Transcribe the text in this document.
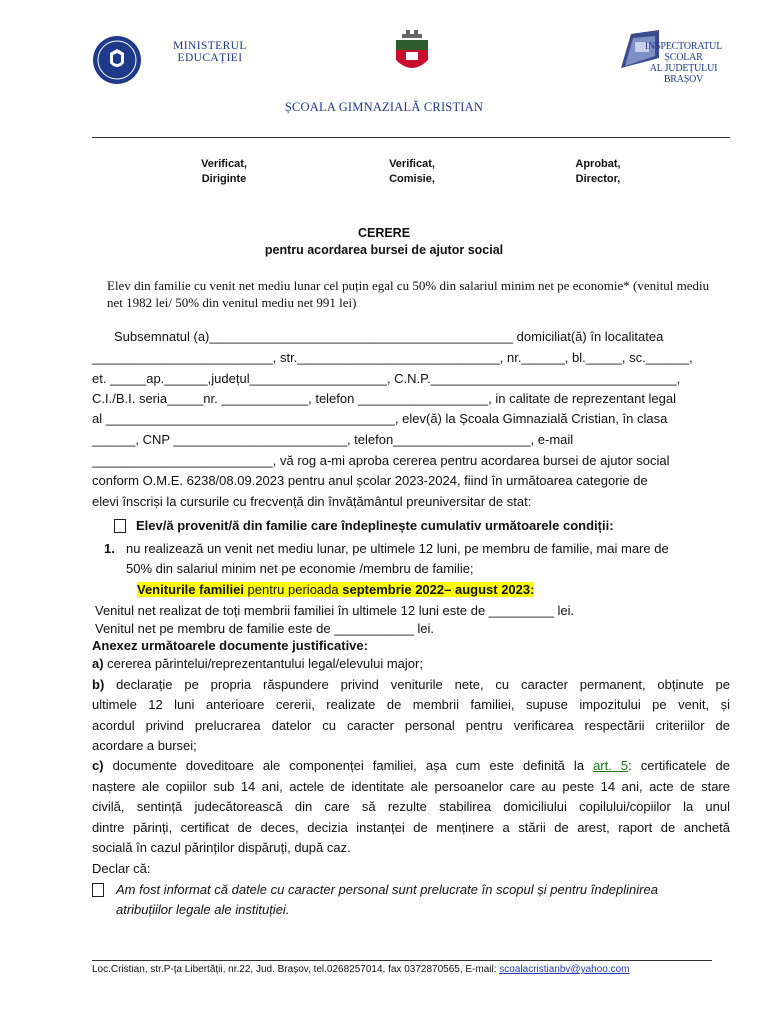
MINISTERUL
EDUCAȚIEI
INSPECTORATUL ȘCOLAR
AL JUDEȚULUI BRAȘOV
ȘCOALA GIMNAZIALĂ CRISTIAN
Verificat,
Diriginte
Verificat,
Comisie,
Aprobat,
Director,
CERERE
pentru acordarea bursei de ajutor social
Elev din familie cu venit net mediu lunar cel puțin egal cu 50% din salariul minim net pe economie* (venitul mediu net 1982 lei/ 50% din venitul mediu net 991 lei)
Subsemnatul (a)__________________________________________ domiciliat(ă) în localitatea
_________________________, str.____________________________, nr.______, bl._____, sc.______,
et. _____ap.______,județul___________________, C.N.P.__________________________________,
C.I./B.I. seria_____nr. ____________, telefon __________________, in calitate de reprezentant legal
al ________________________________________, elev(ă) la Școala Gimnazială Cristian, în clasa
______, CNP ________________________, telefon___________________, e-mail
_________________________, vă rog a-mi aproba cererea pentru acordarea bursei de ajutor social
conform O.M.E. 6238/08.09.2023 pentru anul școlar 2023-2024, fiind în următoarea categorie de
elevi înscriși la cursurile cu frecvență din învățământul preuniversitar de stat:
Elev/ă provenit/ă din familie care îndeplinește cumulativ următoarele condiții:
1. nu realizează un venit net mediu lunar, pe ultimele 12 luni, pe membru de familie, mai mare de
50% din salariul minim net pe economie /membru de familie;
Veniturile familiei pentru perioada septembrie 2022– august 2023:
Venitul net realizat de toți membrii familiei în ultimele 12 luni este de _________ lei.
Venitul net pe membru de familie este de ___________ lei.
Anexez următoarele documente justificative:
a) cererea părintelui/reprezentantului legal/elevului major;
b) declarație pe propria răspundere privind veniturile nete, cu caracter permanent, obținute pe
ultimele 12 luni anterioare cererii, realizate de membrii familiei, supuse impozitului pe venit, și
acordul privind prelucrarea datelor cu caracter personal pentru verificarea respectării criteriilor de
acordare a bursei;
c) documente doveditoare ale componenței familiei, așa cum este definită la art. 5: certificatele de
naștere ale copiilor sub 14 ani, actele de identitate ale persoanelor care au peste 14 ani, acte de stare
civilă, sentință judecătorească din care să rezulte stabilirea domiciliului copilului/copiilor la unul
dintre părinți, certificat de deces, decizia instanței de menținere a stării de arest, raport de anchetă
socială în cazul părinților dispăruți, după caz.
Declar că:
Am fost informat că datele cu caracter personal sunt prelucrate în scopul și pentru îndeplinirea
atribuțiilor legale ale instituției.
Loc.Cristian, str.P-ța Libertății, nr.22, Jud. Brașov, tel.0268257014, fax 0372870565, E-mail: scoalacristianbv@yahoo.com
